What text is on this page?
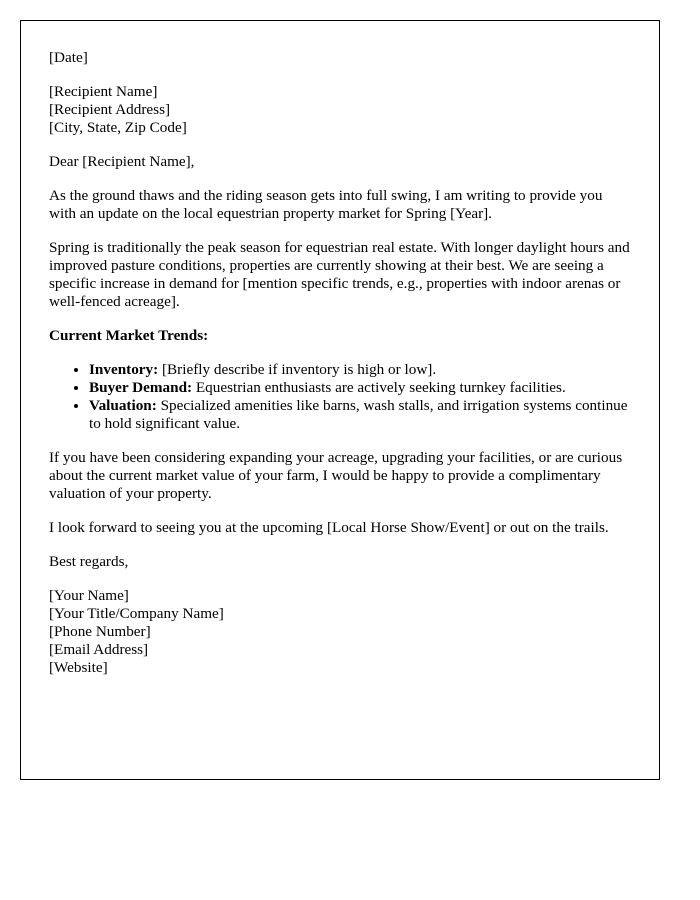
[Date]

[Recipient Name]
[Recipient Address]
[City, State, Zip Code]

Dear [Recipient Name],

As the ground thaws and the riding season gets into full swing, I am writing to provide you with an update on the local equestrian property market for Spring [Year].

Spring is traditionally the peak season for equestrian real estate. With longer daylight hours and improved pasture conditions, properties are currently showing at their best. We are seeing a specific increase in demand for [mention specific trends, e.g., properties with indoor arenas or well-fenced acreage].

Current Market Trends:

• Inventory: [Briefly describe if inventory is high or low].
• Buyer Demand: Equestrian enthusiasts are actively seeking turnkey facilities.
• Valuation: Specialized amenities like barns, wash stalls, and irrigation systems continue to hold significant value.

If you have been considering expanding your acreage, upgrading your facilities, or are curious about the current market value of your farm, I would be happy to provide a complimentary valuation of your property.

I look forward to seeing you at the upcoming [Local Horse Show/Event] or out on the trails.

Best regards,

[Your Name]
[Your Title/Company Name]
[Phone Number]
[Email Address]
[Website]
